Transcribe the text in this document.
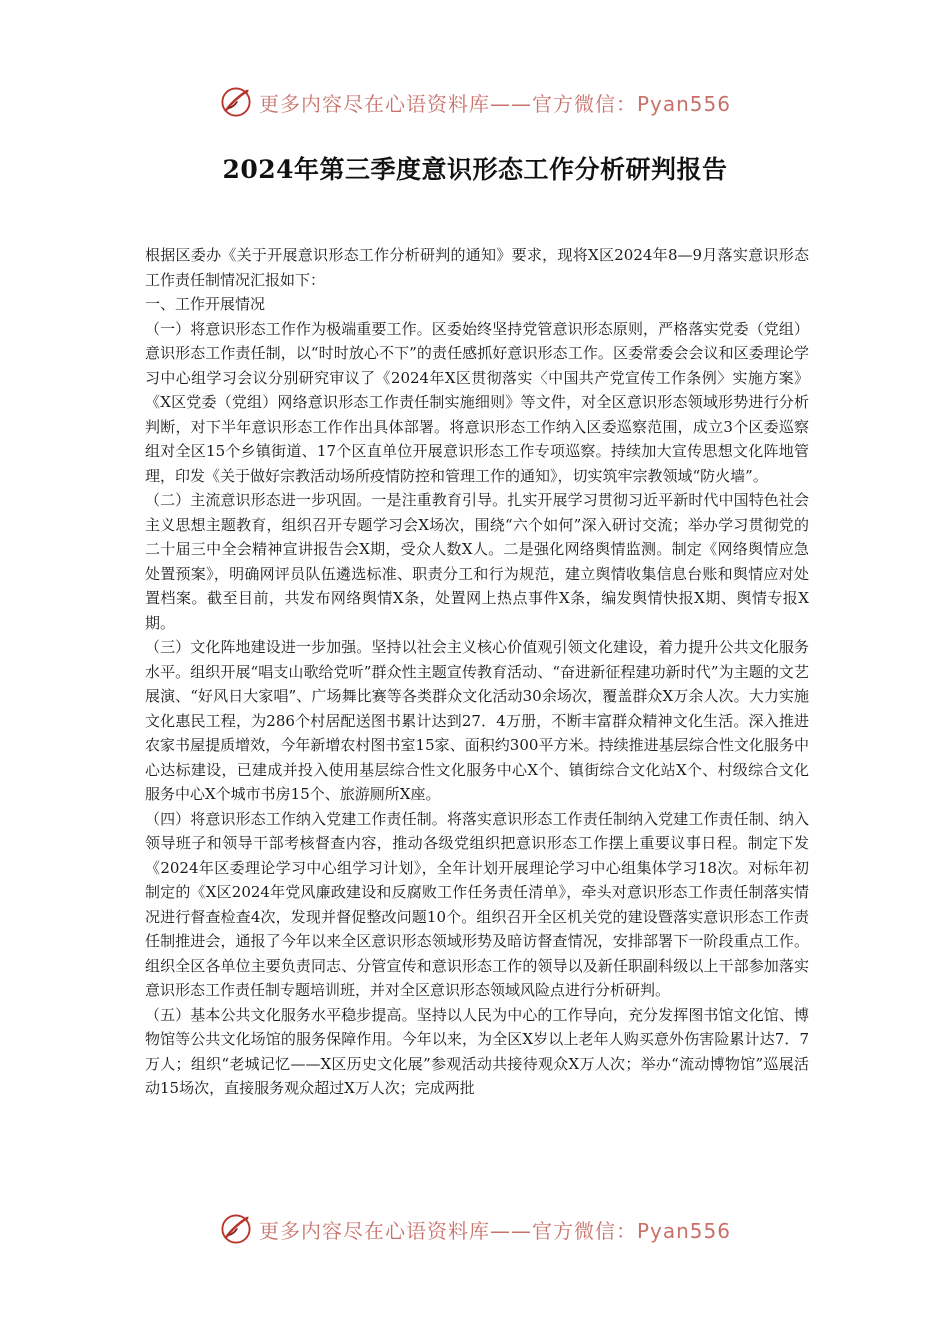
更多内容尽在心语资料库——官方微信：Pyan556
2024年第三季度意识形态工作分析研判报告

根据区委办《关于开展意识形态工作分析研判的通知》要求，现将X区2024年8—9月落实意识形态工作责任制情况汇报如下：

一、工作开展情况

（一）将意识形态工作作为极端重要工作。区委始终坚持党管意识形态原则，严格落实党委（党组）意识形态工作责任制，以“时时放心不下”的责任感抓好意识形态工作。区委常委会会议和区委理论学习中心组学习会议分别研究审议了《2024年X区贯彻落实〈中国共产党宣传工作条例〉实施方案》《X区党委（党组）网络意识形态工作责任制实施细则》等文件，对全区意识形态领域形势进行分析判断，对下半年意识形态工作作出具体部署。将意识形态工作纳入区委巡察范围，成立3个区委巡察组对全区15个乡镇街道、17个区直单位开展意识形态工作专项巡察。持续加大宣传思想文化阵地管理，印发《关于做好宗教活动场所疫情防控和管理工作的通知》，切实筑牢宗教领域“防火墙”。

（二）主流意识形态进一步巩固。一是注重教育引导。扎实开展学习贯彻习近平新时代中国特色社会主义思想主题教育，组织召开专题学习会X场次，围绕“六个如何”深入研讨交流；举办学习贯彻党的二十届三中全会精神宣讲报告会X期，受众人数X人。二是强化网络舆情监测。制定《网络舆情应急处置预案》，明确网评员队伍遴选标准、职责分工和行为规范，建立舆情收集信息台账和舆情应对处置档案。截至目前，共发布网络舆情X条，处置网上热点事件X条，编发舆情快报X期、舆情专报X期。

（三）文化阵地建设进一步加强。坚持以社会主义核心价值观引领文化建设，着力提升公共文化服务水平。组织开展“唱支山歌给党听”群众性主题宣传教育活动、“奋进新征程建功新时代”为主题的文艺展演、“好风日大家唱”、广场舞比赛等各类群众文化活动30余场次，覆盖群众X万余人次。大力实施文化惠民工程，为286个村居配送图书累计达到27．4万册，不断丰富群众精神文化生活。深入推进农家书屋提质增效，今年新增农村图书室15家、面积约300平方米。持续推进基层综合性文化服务中心达标建设，已建成并投入使用基层综合性文化服务中心X个、镇街综合文化站X个、村级综合文化服务中心X个城市书房15个、旅游厕所X座。

（四）将意识形态工作纳入党建工作责任制。将落实意识形态工作责任制纳入党建工作责任制、纳入领导班子和领导干部考核督查内容，推动各级党组织把意识形态工作摆上重要议事日程。制定下发《2024年区委理论学习中心组学习计划》，全年计划开展理论学习中心组集体学习18次。对标年初制定的《X区2024年党风廉政建设和反腐败工作任务责任清单》，牵头对意识形态工作责任制落实情况进行督查检查4次，发现并督促整改问题10个。组织召开全区机关党的建设暨落实意识形态工作责任制推进会，通报了今年以来全区意识形态领域形势及暗访督查情况，安排部署下一阶段重点工作。组织全区各单位主要负责同志、分管宣传和意识形态工作的领导以及新任职副科级以上干部参加落实意识形态工作责任制专题培训班，并对全区意识形态领域风险点进行分析研判。

（五）基本公共文化服务水平稳步提高。坚持以人民为中心的工作导向，充分发挥图书馆文化馆、博物馆等公共文化场馆的服务保障作用。今年以来，为全区X岁以上老年人购买意外伤害险累计达7．7万人；组织“老城记忆——X区历史文化展”参观活动共接待观众X万人次；举办“流动博物馆”巡展活动15场次，直接服务观众超过X万人次；完成两批

更多内容尽在心语资料库——官方微信：Pyan556
